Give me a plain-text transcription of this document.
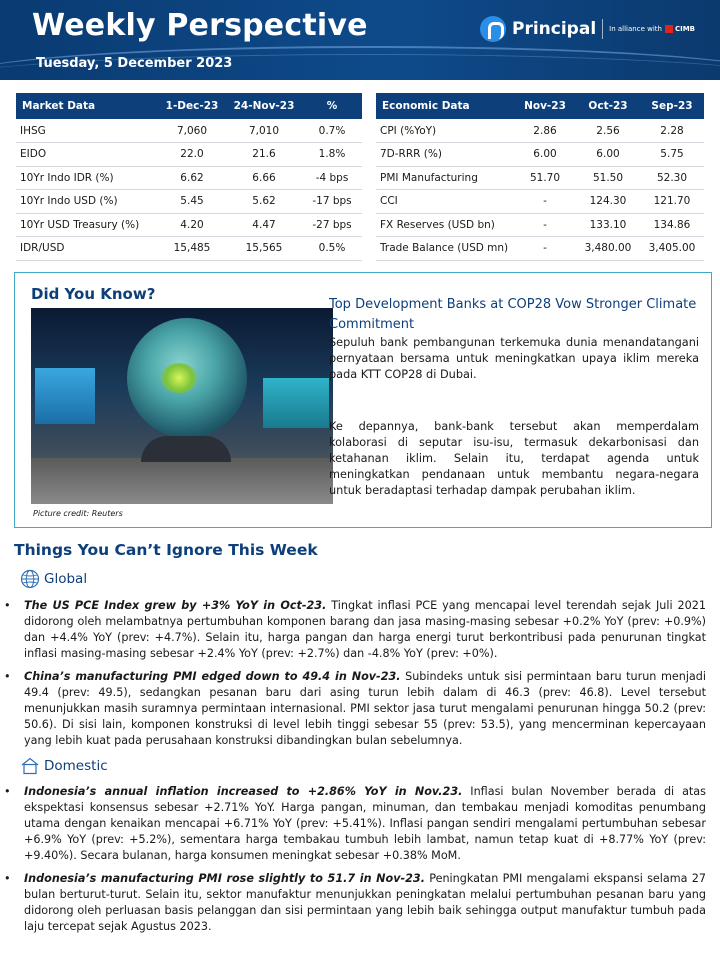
Weekly Perspective
Tuesday, 5 December 2023
Principal In alliance with CIMB
Market Data	1-Dec-23	24-Nov-23	%
IHSG	7,060	7,010	0.7%
EIDO	22.0	21.6	1.8%
10Yr Indo IDR (%)	6.62	6.66	-4 bps
10Yr Indo USD (%)	5.45	5.62	-17 bps
10Yr USD Treasury (%)	4.20	4.47	-27 bps
IDR/USD	15,485	15,565	0.5%
Economic Data	Nov-23	Oct-23	Sep-23
CPI (%YoY)	2.86	2.56	2.28
7D-RRR (%)	6.00	6.00	5.75
PMI Manufacturing	51.70	51.50	52.30
CCI	-	124.30	121.70
FX Reserves (USD bn)	-	133.10	134.86
Trade Balance (USD mn)	-	3,480.00	3,405.00
Did You Know?
Picture credit: Reuters
Top Development Banks at COP28 Vow Stronger Climate Commitment
Sepuluh bank pembangunan terkemuka dunia menandatangani pernyataan bersama untuk meningkatkan upaya iklim mereka pada KTT COP28 di Dubai.
Ke depannya, bank-bank tersebut akan memperdalam kolaborasi di seputar isu-isu, termasuk dekarbonisasi dan ketahanan iklim. Selain itu, terdapat agenda untuk meningkatkan pendanaan untuk membantu negara-negara untuk beradaptasi terhadap dampak perubahan iklim.
Things You Can’t Ignore This Week
Global
• The US PCE Index grew by +3% YoY in Oct-23. Tingkat inflasi PCE yang mencapai level terendah sejak Juli 2021 didorong oleh melambatnya pertumbuhan komponen barang dan jasa masing-masing sebesar +0.2% YoY (prev: +0.9%) dan +4.4% YoY (prev: +4.7%). Selain itu, harga pangan dan harga energi turut berkontribusi pada penurunan tingkat inflasi masing-masing sebesar +2.4% YoY (prev: +2.7%) dan -4.8% YoY (prev: +0%).
• China’s manufacturing PMI edged down to 49.4 in Nov-23. Subindeks untuk sisi permintaan baru turun menjadi 49.4 (prev: 49.5), sedangkan pesanan baru dari asing turun lebih dalam di 46.3 (prev: 46.8). Level tersebut menunjukkan masih suramnya permintaan internasional. PMI sektor jasa turut mengalami penurunan hingga 50.2 (prev: 50.6). Di sisi lain, komponen konstruksi di level lebih tinggi sebesar 55 (prev: 53.5), yang mencerminan kepercayaan yang lebih kuat pada perusahaan konstruksi dibandingkan bulan sebelumnya.
Domestic
• Indonesia’s annual inflation increased to +2.86% YoY in Nov.23. Inflasi bulan November berada di atas ekspektasi konsensus sebesar +2.71% YoY. Harga pangan, minuman, dan tembakau menjadi komoditas penumbang utama dengan kenaikan mencapai +6.71% YoY (prev: +5.41%). Inflasi pangan sendiri mengalami pertumbuhan sebesar +6.9% YoY (prev: +5.2%), sementara harga tembakau tumbuh lebih lambat, namun tetap kuat di +8.77% YoY (prev: +9.40%). Secara bulanan, harga konsumen meningkat sebesar +0.38% MoM.
• Indonesia’s manufacturing PMI rose slightly to 51.7 in Nov-23. Peningkatan PMI mengalami ekspansi selama 27 bulan berturut-turut. Selain itu, sektor manufaktur menunjukkan peningkatan melalui pertumbuhan pesanan baru yang didorong oleh perluasan basis pelanggan dan sisi permintaan yang lebih baik sehingga output manufaktur tumbuh pada laju tercepat sejak Agustus 2023.
